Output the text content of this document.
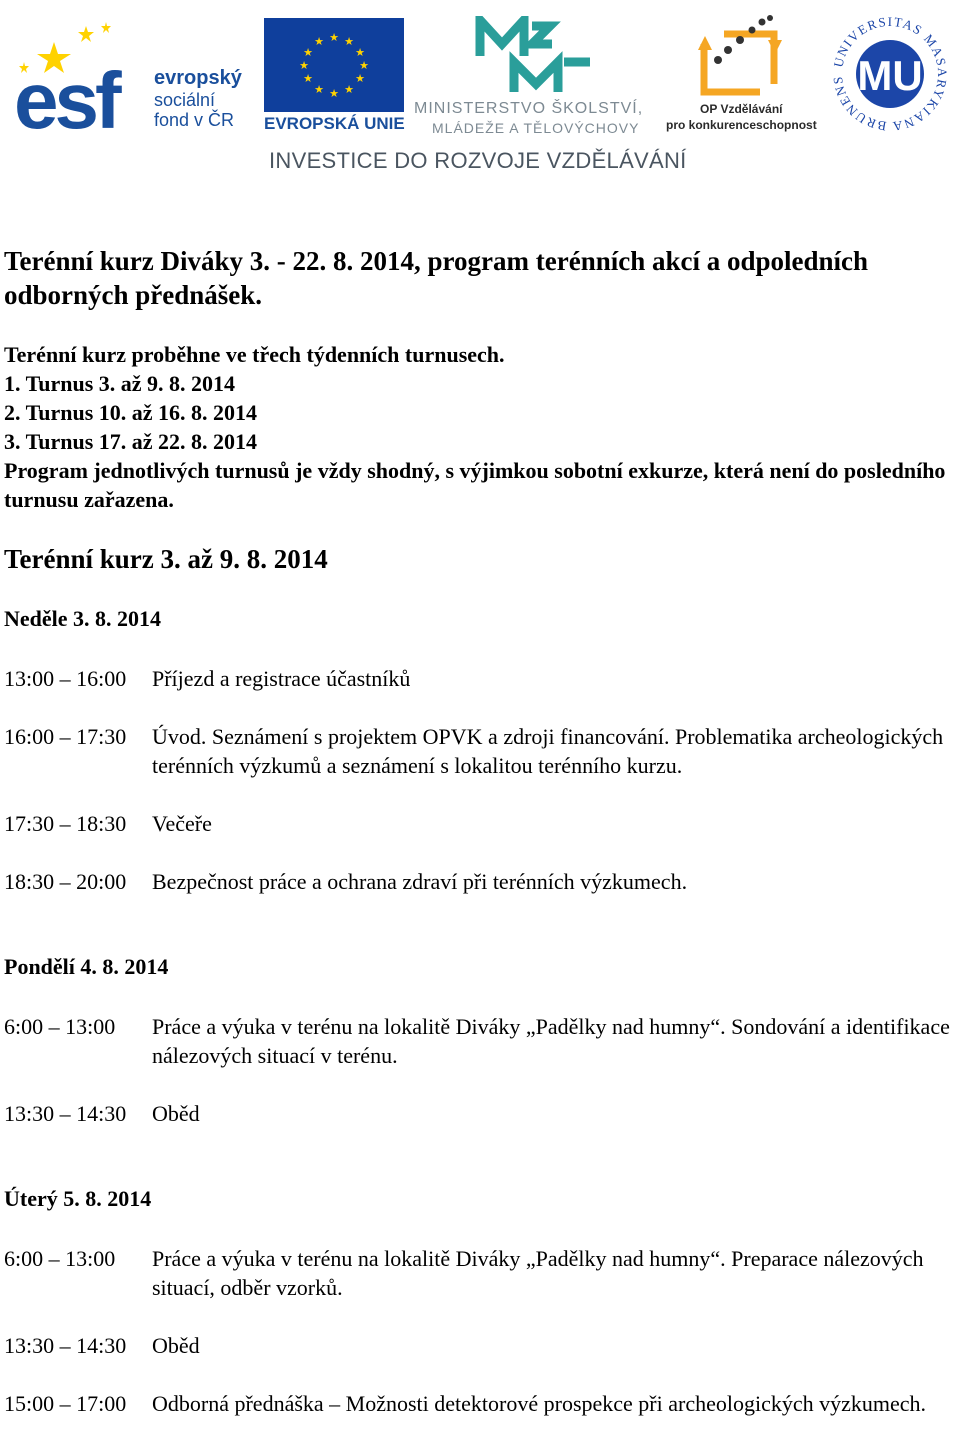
esf evropský
sociální
fond v ČR
★ ★
★
★
★
★
★
★
★
★
★
★
EVROPSKÁ UNIE
MINISTERSTVO ŠKOLSTVÍ,
MLÁDEŽE A TĚLOVÝCHOVY
OP Vzdělávání
pro konkurenceschopnost
UNIVERSITAS MASARYKIANA BRUNENS MU
INVESTICE DO ROZVOJE VZDĚLÁVÁNÍ
Terénní kurz Diváky 3. - 22. 8. 2014, program terénních akcí a odpoledních odborných přednášek.
Terénní kurz proběhne ve třech týdenních turnusech.
1. Turnus 3. až 9. 8. 2014
2. Turnus 10. až 16. 8. 2014
3. Turnus 17. až 22. 8. 2014
Program jednotlivých turnusů je vždy shodný, s výjimkou sobotní exkurze, která není do posledního turnusu zařazena.
Terénní kurz 3. až 9. 8. 2014
Neděle 3. 8. 2014
13:00 – 16:00 Příjezd a registrace účastníků
16:00 – 17:30 Úvod. Seznámení s projektem OPVK a zdroji financování. Problematika archeologických terénních výzkumů a seznámení s lokalitou terénního kurzu.
17:30 – 18:30 Večeře
18:30 – 20:00 Bezpečnost práce a ochrana zdraví při terénních výzkumech.
Pondělí 4. 8. 2014
6:00 – 13:00 Práce a výuka v terénu na lokalitě Diváky „Padělky nad humny“. Sondování a identifikace nálezových situací v terénu.
13:30 – 14:30 Oběd
Úterý 5. 8. 2014
6:00 – 13:00 Práce a výuka v terénu na lokalitě Diváky „Padělky nad humny“. Preparace nálezových situací, odběr vzorků.
13:30 – 14:30 Oběd
15:00 – 17:00 Odborná přednáška – Možnosti detektorové prospekce při archeologických výzkumech.
